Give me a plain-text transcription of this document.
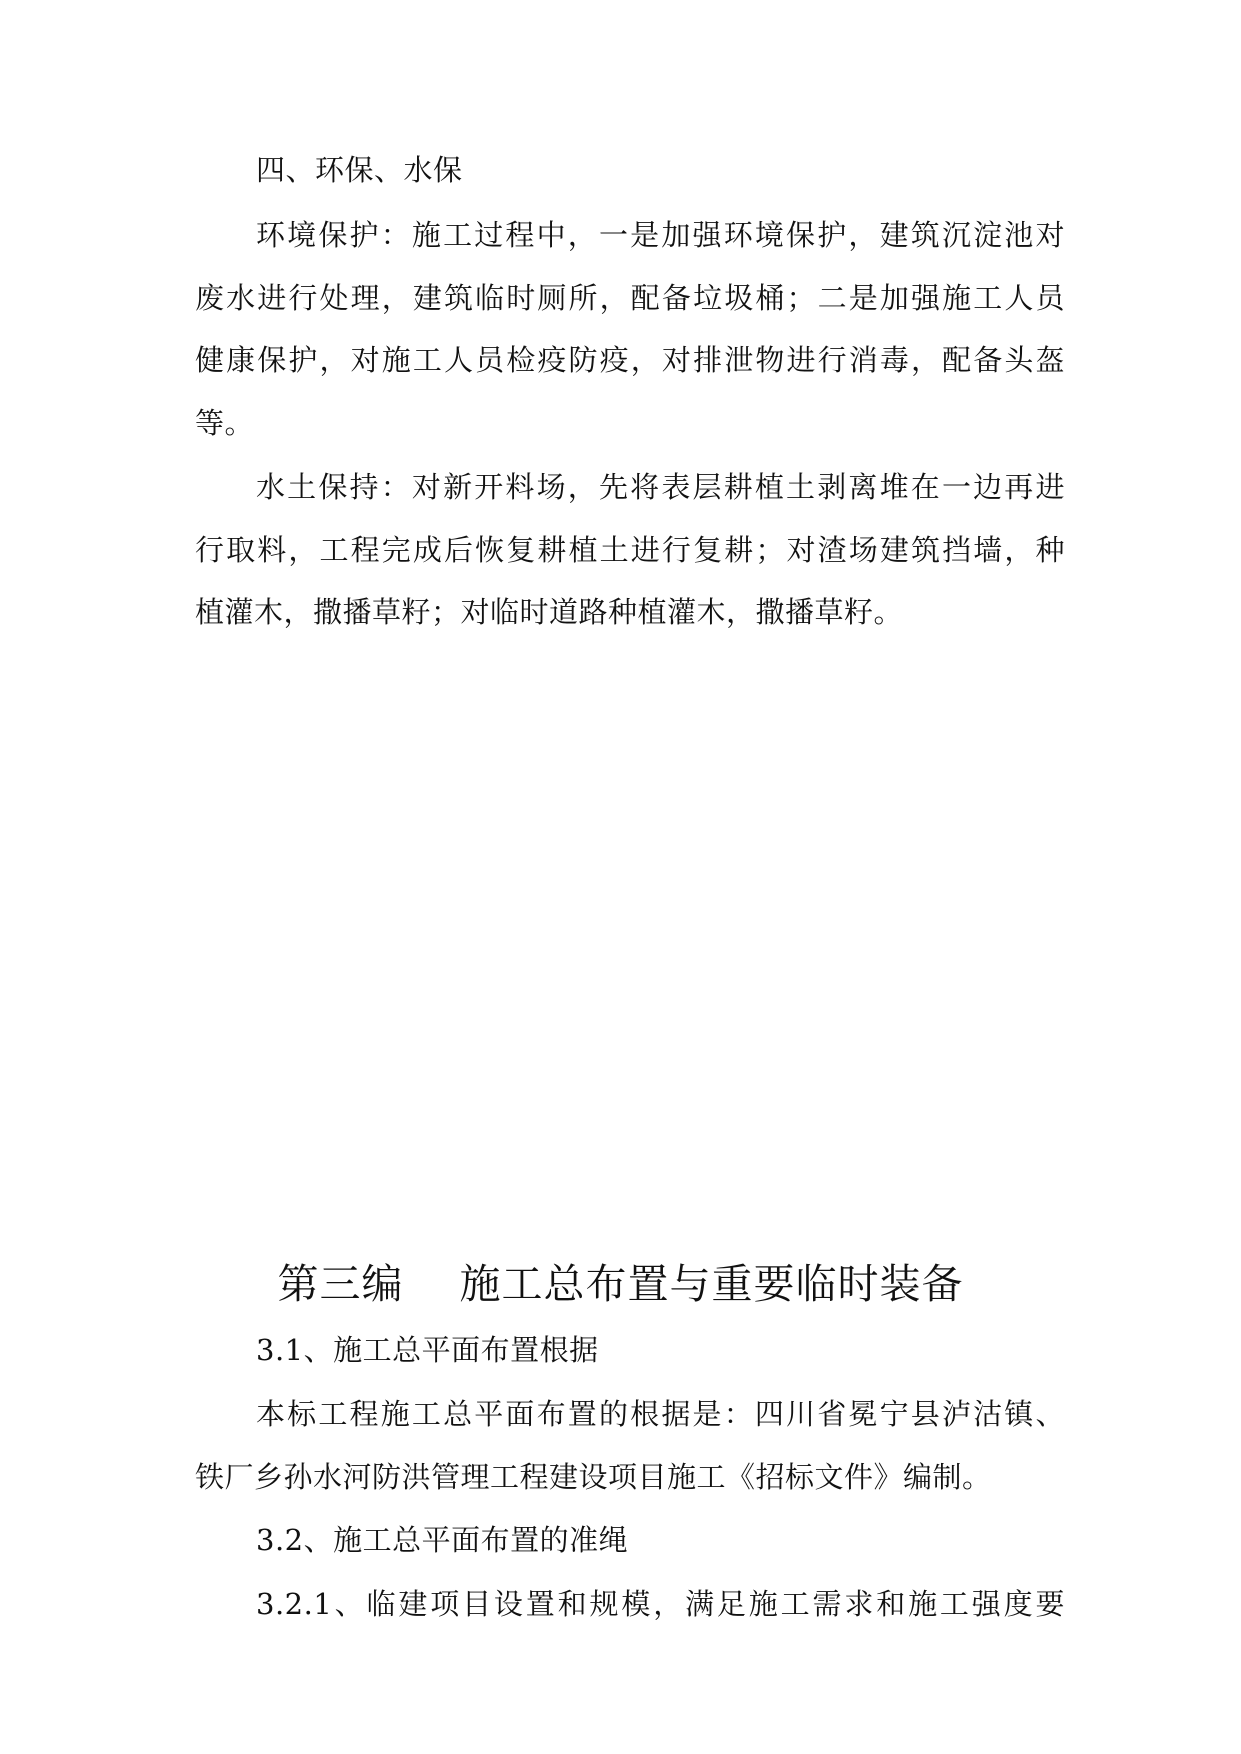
四、环保、水保
环境保护：施工过程中，一是加强环境保护，建筑沉淀池对
废水进行处理，建筑临时厕所，配备垃圾桶；二是加强施工人员
健康保护，对施工人员检疫防疫，对排泄物进行消毒，配备头盔
等。
水土保持：对新开料场，先将表层耕植土剥离堆在一边再进
行取料，工程完成后恢复耕植土进行复耕；对渣场建筑挡墙，种
植灌木，撒播草籽；对临时道路种植灌木，撒播草籽。
第三编　 施工总布置与重要临时装备
3.1、施工总平面布置根据
本标工程施工总平面布置的根据是：四川省冕宁县泸沽镇、
铁厂乡孙水河防洪管理工程建设项目施工《招标文件》编制。
3.2、施工总平面布置的准绳
3.2.1、临建项目设置和规模，满足施工需求和施工强度要
